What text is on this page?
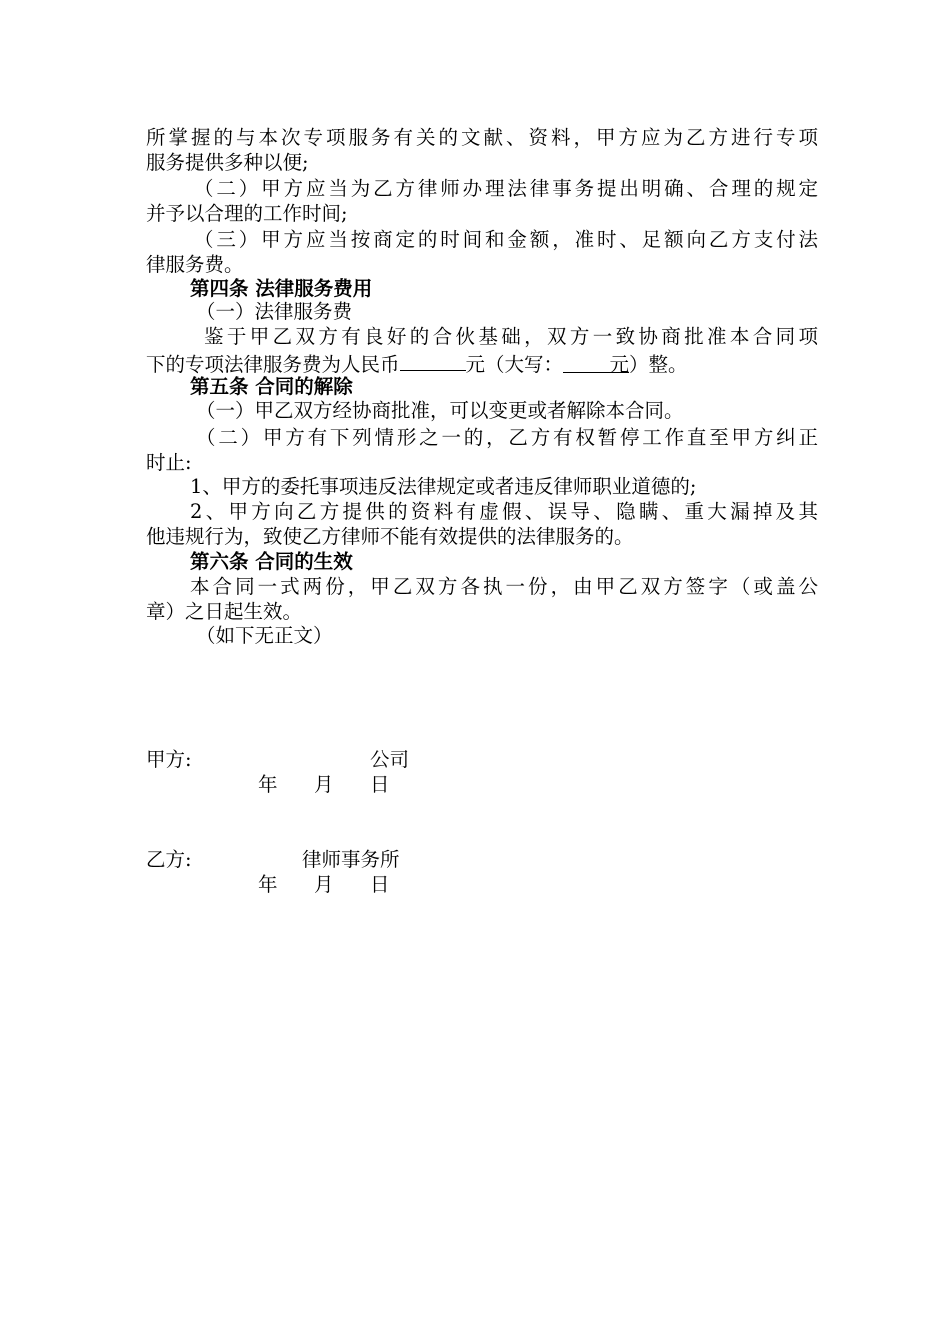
所掌握的与本次专项服务有关的文献、资料，甲方应为乙方进行专项
服务提供多种以便;
（二）甲方应当为乙方律师办理法律事务提出明确、合理的规定
并予以合理的工作时间;
（三）甲方应当按商定的时间和金额，准时、足额向乙方支付法
律服务费。
第四条 法律服务费用
（一）法律服务费
鉴于甲乙双方有良好的合伙基础，双方一致协商批准本合同项
下的专项法律服务费为人民币	元（大写： 元）整。
第五条 合同的解除
（一）甲乙双方经协商批准，可以变更或者解除本合同。
（二）甲方有下列情形之一的，乙方有权暂停工作直至甲方纠正
时止:
1、甲方的委托事项违反法律规定或者违反律师职业道德的;
2、甲方向乙方提供的资料有虚假、误导、隐瞒、重大漏掉及其
他违规行为，致使乙方律师不能有效提供的法律服务的。
第六条 合同的生效
本合同一式两份，甲乙双方各执一份，由甲乙双方签字（或盖公
章）之日起生效。
（如下无正文）
甲方:	公司
年 月 日
乙方:	律师事务所
年 月 日
